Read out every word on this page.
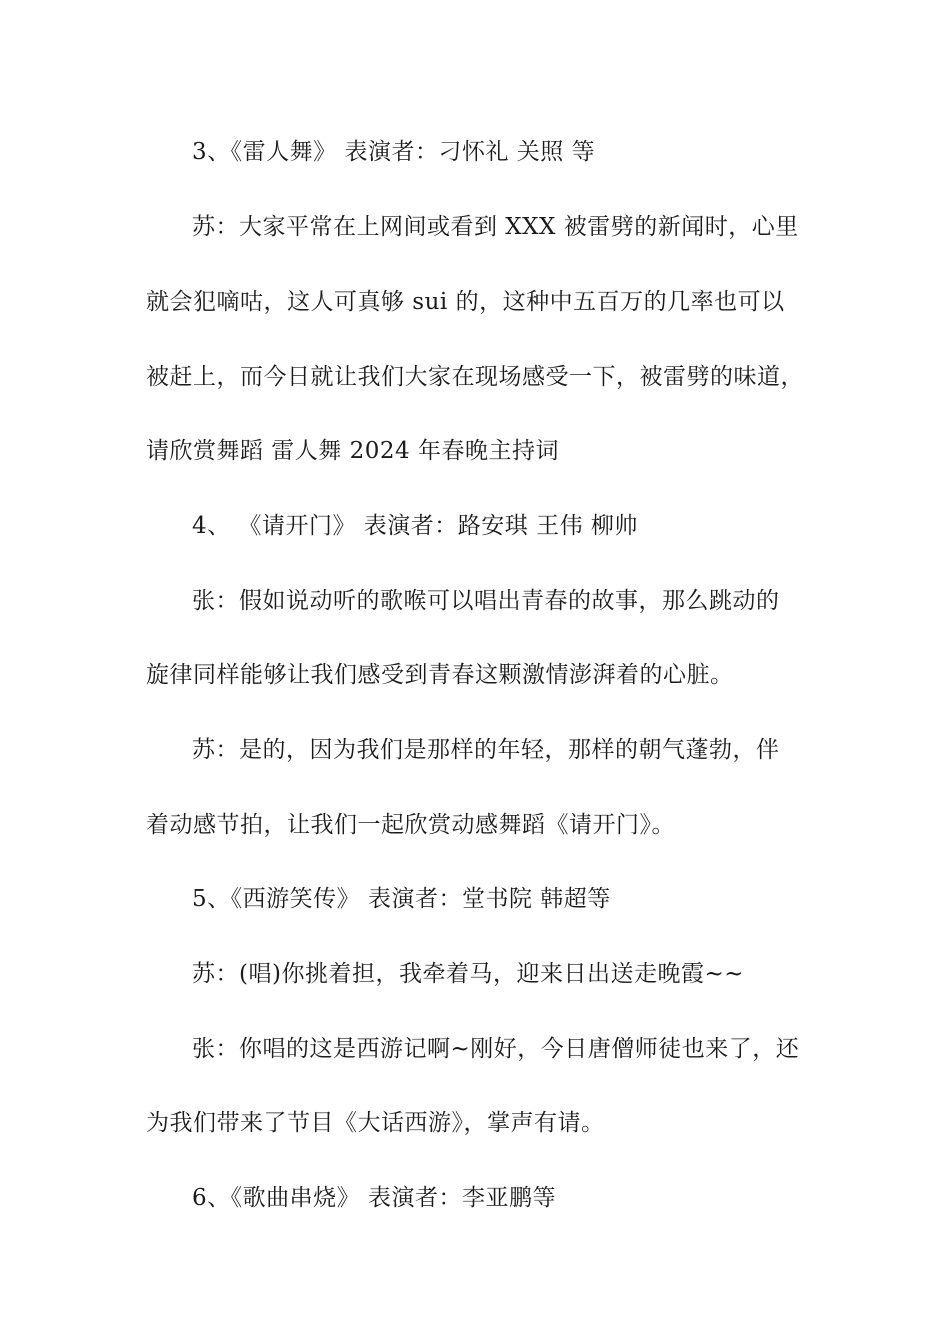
3、《雷人舞》 表演者：刁怀礼 关照 等
苏：大家平常在上网间或看到 XXX 被雷劈的新闻时，心里
就会犯嘀咕，这人可真够 sui 的，这种中五百万的几率也可以
被赶上，而今日就让我们大家在现场感受一下，被雷劈的味道，
请欣赏舞蹈 雷人舞 2024 年春晚主持词
4、 《请开门》 表演者：路安琪 王伟 柳帅
张：假如说动听的歌喉可以唱出青春的故事，那么跳动的
旋律同样能够让我们感受到青春这颗激情澎湃着的心脏。
苏：是的，因为我们是那样的年轻，那样的朝气蓬勃，伴
着动感节拍，让我们一起欣赏动感舞蹈《请开门》。
5、《西游笑传》 表演者：堂书院 韩超等
苏：(唱)你挑着担，我牵着马，迎来日出送走晚霞~~
张：你唱的这是西游记啊~刚好，今日唐僧师徒也来了，还
为我们带来了节目《大话西游》，掌声有请。
6、《歌曲串烧》 表演者：李亚鹏等
